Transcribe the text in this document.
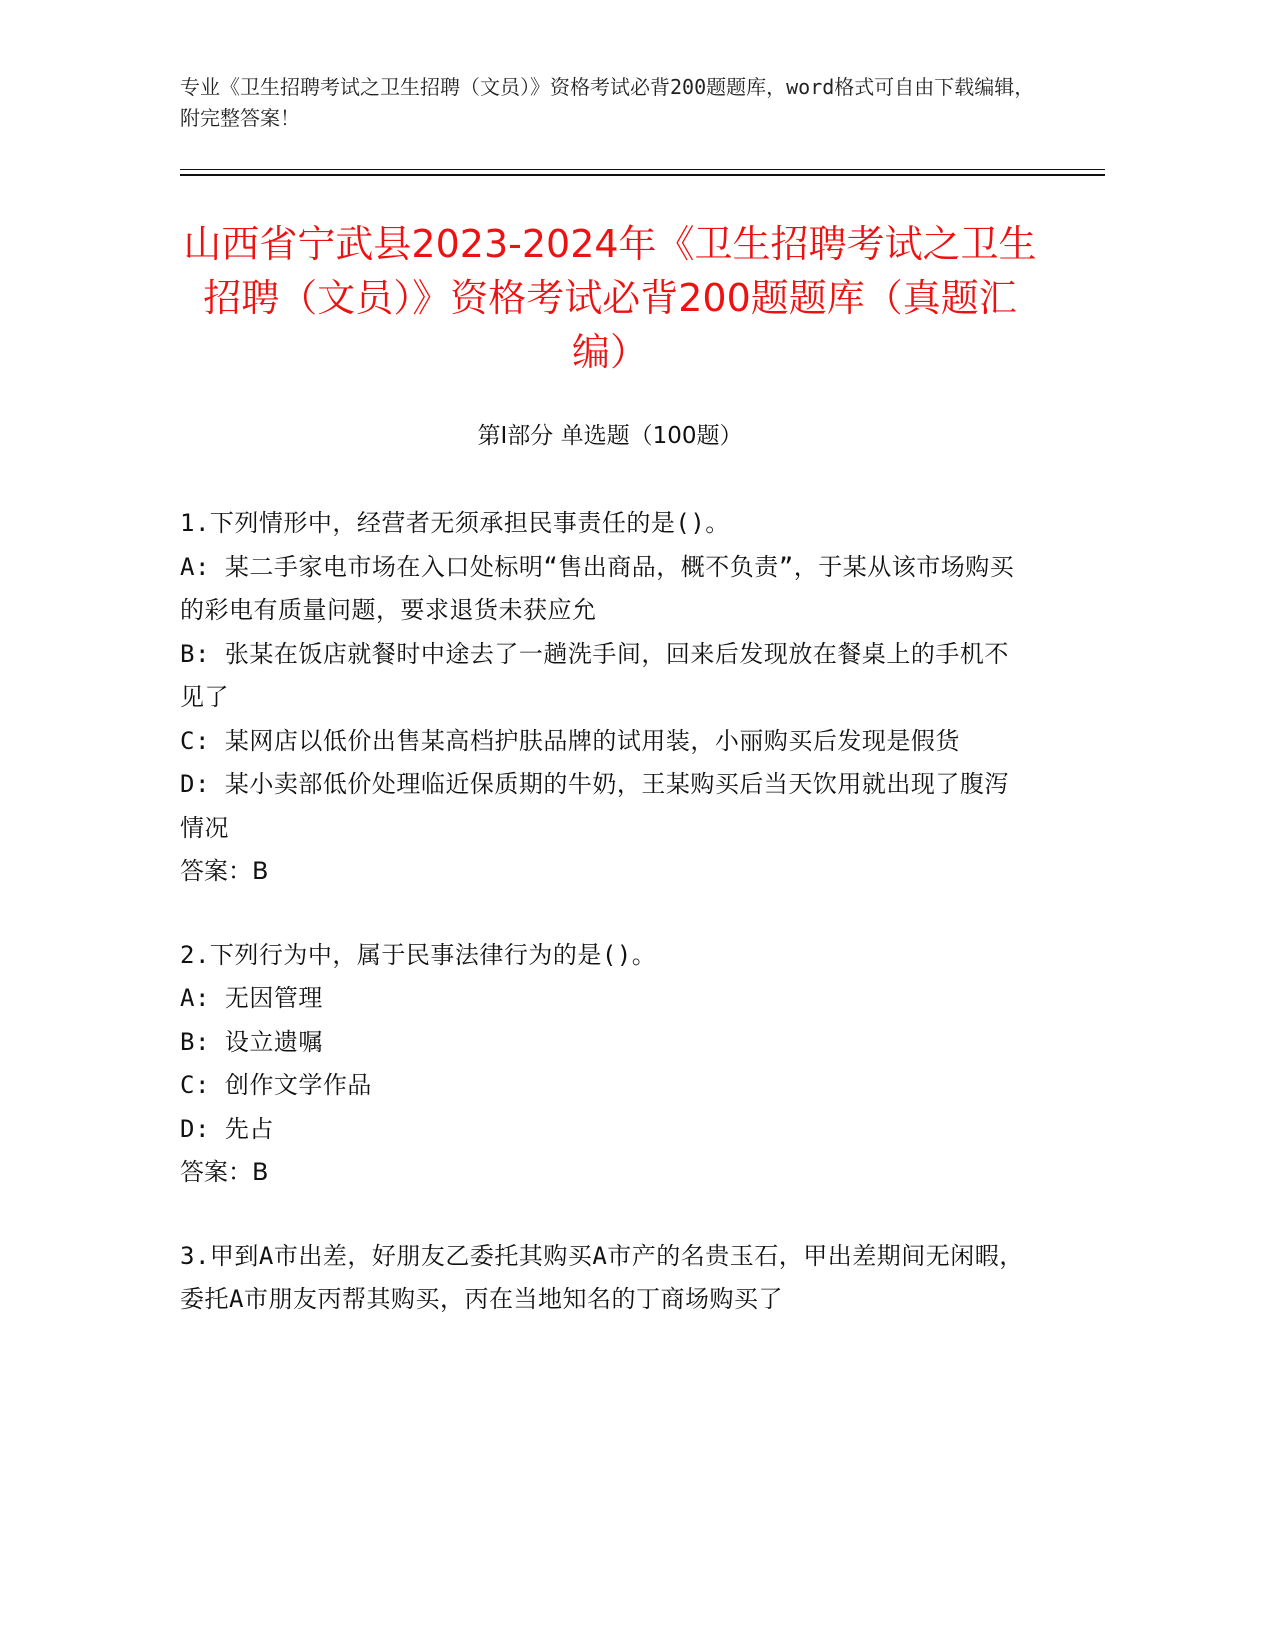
专业《卫生招聘考试之卫生招聘（文员）》资格考试必背200题题库，word格式可自由下载编辑，附完整答案！
山西省宁武县2023-2024年《卫生招聘考试之卫生招聘（文员）》资格考试必背200题题库（真题汇编）
第I部分 单选题（100题）

1.下列情形中，经营者无须承担民事责任的是()。

A: 某二手家电市场在入口处标明“售出商品，概不负责”，于某从该市场购买的彩电有质量问题，要求退货未获应允

B: 张某在饭店就餐时中途去了一趟洗手间，回来后发现放在餐桌上的手机不见了

C: 某网店以低价出售某高档护肤品牌的试用装，小丽购买后发现是假货

D: 某小卖部低价处理临近保质期的牛奶，王某购买后当天饮用就出现了腹泻情况

答案：B

2.下列行为中，属于民事法律行为的是()。

A: 无因管理

B: 设立遗嘱

C: 创作文学作品

D: 先占

答案：B

3.甲到A市出差，好朋友乙委托其购买A市产的名贵玉石，甲出差期间无闲暇，委托A市朋友丙帮其购买，丙在当地知名的丁商场购买了
